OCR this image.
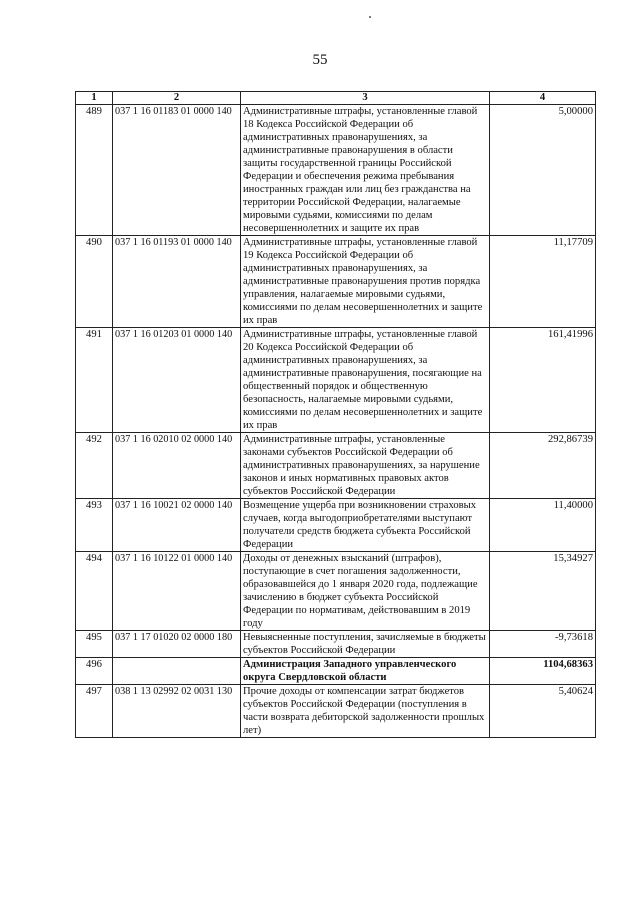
55
1	2	3	4
489	037 1 16 01183 01 0000 140	Административные штрафы, установленные главой 18 Кодекса Российской Федерации об административных правонарушениях, за административные правонарушения в области защиты государственной границы Российской Федерации и обеспечения режима пребывания иностранных граждан или лиц без гражданства на территории Российской Федерации, налагаемые мировыми судьями, комиссиями по делам несовершеннолетних и защите их прав	5,00000
490	037 1 16 01193 01 0000 140	Административные штрафы, установленные главой 19 Кодекса Российской Федерации об административных правонарушениях, за административные правонарушения против порядка управления, налагаемые мировыми судьями, комиссиями по делам несовершеннолетних и защите их прав	11,17709
491	037 1 16 01203 01 0000 140	Административные штрафы, установленные главой 20 Кодекса Российской Федерации об административных правонарушениях, за административные правонарушения, посягающие на общественный порядок и общественную безопасность, налагаемые мировыми судьями, комиссиями по делам несовершеннолетних и защите их прав	161,41996
492	037 1 16 02010 02 0000 140	Административные штрафы, установленные законами субъектов Российской Федерации об административных правонарушениях, за нарушение законов и иных нормативных правовых актов субъектов Российской Федерации	292,86739
493	037 1 16 10021 02 0000 140	Возмещение ущерба при возникновении страховых случаев, когда выгодоприобретателями выступают получатели средств бюджета субъекта Российской Федерации	11,40000
494	037 1 16 10122 01 0000 140	Доходы от денежных взысканий (штрафов), поступающие в счет погашения задолженности, образовавшейся до 1 января 2020 года, подлежащие зачислению в бюджет субъекта Российской Федерации по нормативам, действовавшим в 2019 году	15,34927
495	037 1 17 01020 02 0000 180	Невыясненные поступления, зачисляемые в бюджеты субъектов Российской Федерации	-9,73618
496		Администрация Западного управленческого округа Свердловской области	1104,68363
497	038 1 13 02992 02 0031 130	Прочие доходы от компенсации затрат бюджетов субъектов Российской Федерации (поступления в части возврата дебиторской задолженности прошлых лет)	5,40624
